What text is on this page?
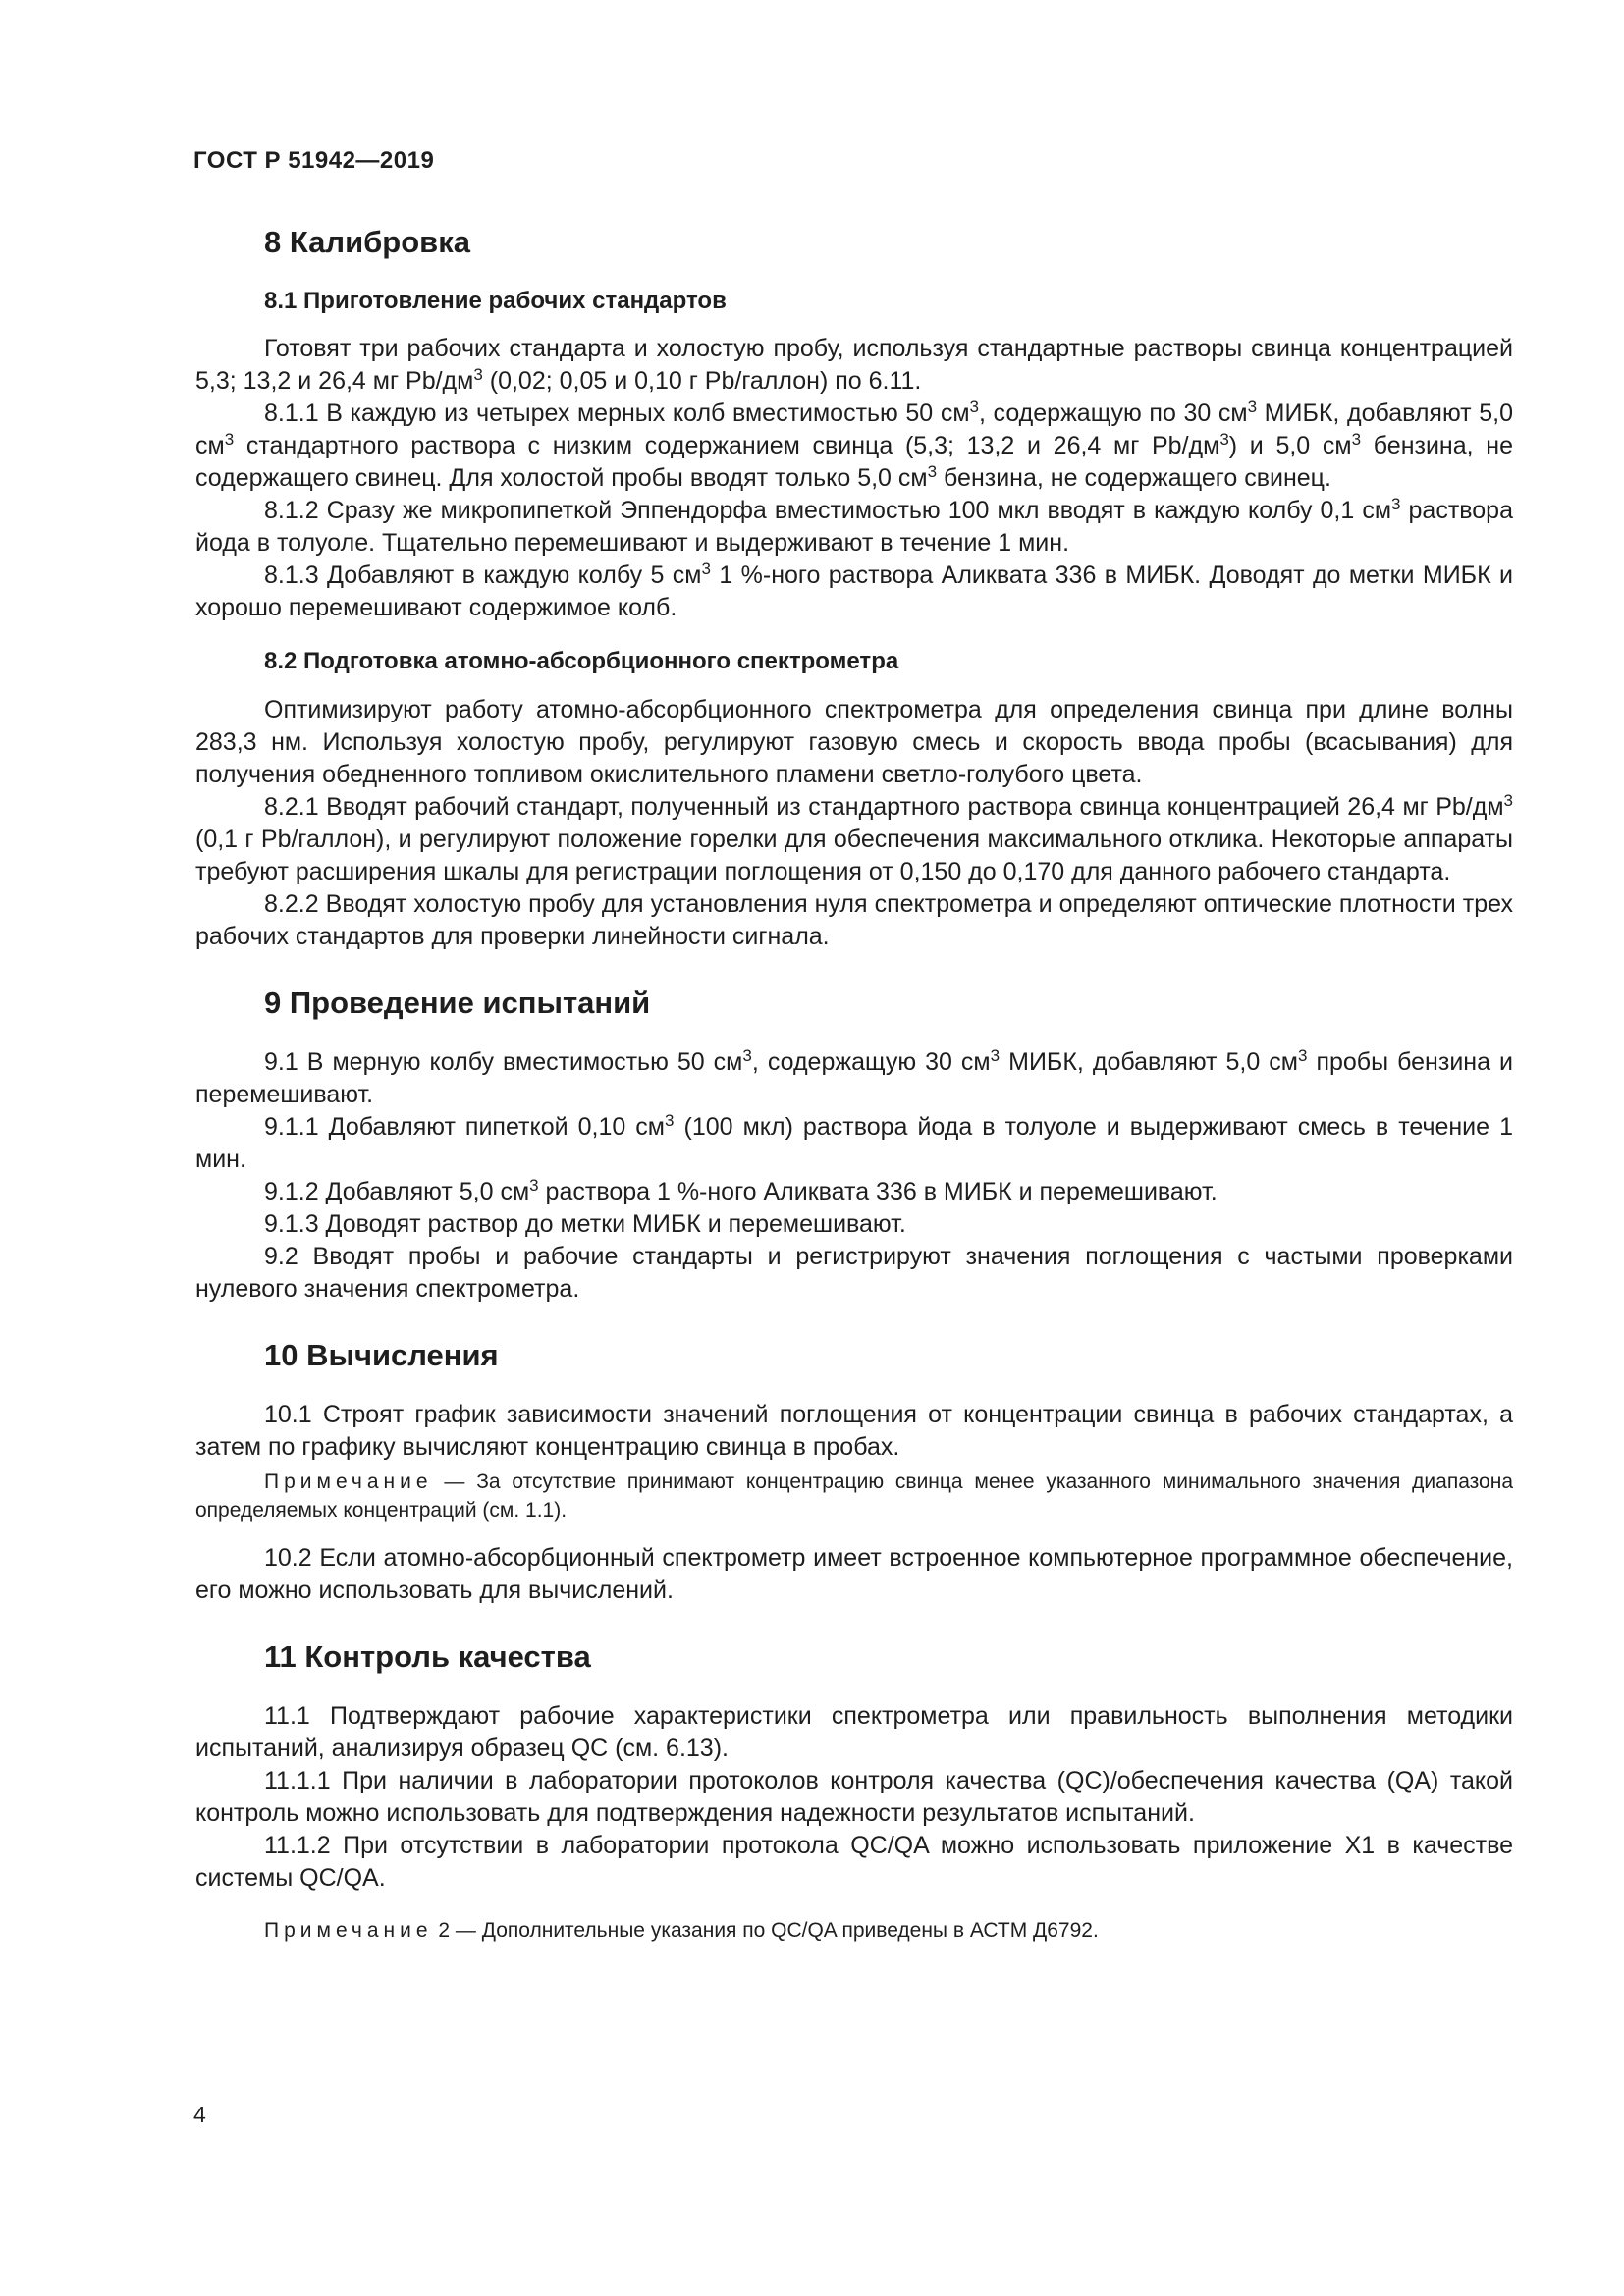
ГОСТ Р 51942—2019
8 Калибровка
8.1 Приготовление рабочих стандартов

Готовят три рабочих стандарта и холостую пробу, используя стандартные растворы свинца концентрацией 5,3; 13,2 и 26,4 мг $Pb/дм^3$ (0,02; 0,05 и 0,10 г Pb/галлон) по 6.11.

8.1.1 В каждую из четырех мерных колб вместимостью 50 $см^3$, содержащую по 30 $см^3$ МИБК, добавляют 5,0 $см^3$ стандартного раствора с низким содержанием свинца (5,3; 13,2 и 26,4 мг $Pb/дм^3$) и 5,0 $см^3$ бензина, не содержащего свинец. Для холостой пробы вводят только 5,0 $см^3$ бензина, не содержащего свинец.

8.1.2 Сразу же микропипеткой Эппендорфа вместимостью 100 мкл вводят в каждую колбу 0,1 $см^3$ раствора йода в толуоле. Тщательно перемешивают и выдерживают в течение 1 мин.

8.1.3 Добавляют в каждую колбу 5 $см^3$ 1 %-ного раствора Аликвата 336 в МИБК. Доводят до метки МИБК и хорошо перемешивают содержимое колб.

8.2 Подготовка атомно-абсорбционного спектрометра

Оптимизируют работу атомно-абсорбционного спектрометра для определения свинца при длине волны 283,3 нм. Используя холостую пробу, регулируют газовую смесь и скорость ввода пробы (всасывания) для получения обедненного топливом окислительного пламени светло-голубого цвета.

8.2.1 Вводят рабочий стандарт, полученный из стандартного раствора свинца концентрацией 26,4 мг $Pb/дм^3$ (0,1 г Pb/галлон), и регулируют положение горелки для обеспечения максимального отклика. Некоторые аппараты требуют расширения шкалы для регистрации поглощения от 0,150 до 0,170 для данного рабочего стандарта.

8.2.2 Вводят холостую пробу для установления нуля спектрометра и определяют оптические плотности трех рабочих стандартов для проверки линейности сигнала.

9 Проведение испытаний

9.1 В мерную колбу вместимостью 50 $см^3$, содержащую 30 $см^3$ МИБК, добавляют 5,0 $см^3$ пробы бензина и перемешивают.

9.1.1 Добавляют пипеткой 0,10 $см^3$ (100 мкл) раствора йода в толуоле и выдерживают смесь в течение 1 мин.

9.1.2 Добавляют 5,0 $см^3$ раствора 1 %-ного Аликвата 336 в МИБК и перемешивают.

9.1.3 Доводят раствор до метки МИБК и перемешивают.

9.2 Вводят пробы и рабочие стандарты и регистрируют значения поглощения с частыми проверками нулевого значения спектрометра.

10 Вычисления

10.1 Строят график зависимости значений поглощения от концентрации свинца в рабочих стандартах, а затем по графику вычисляют концентрацию свинца в пробах.

Примечание — За отсутствие принимают концентрацию свинца менее указанного минимального значения диапазона определяемых концентраций (см. 1.1).

10.2 Если атомно-абсорбционный спектрометр имеет встроенное компьютерное программное обеспечение, его можно использовать для вычислений.

11 Контроль качества

11.1 Подтверждают рабочие характеристики спектрометра или правильность выполнения методики испытаний, анализируя образец QC (см. 6.13).

11.1.1 При наличии в лаборатории протоколов контроля качества (QC)/обеспечения качества (QA) такой контроль можно использовать для подтверждения надежности результатов испытаний.

11.1.2 При отсутствии в лаборатории протокола QC/QA можно использовать приложение X1 в качестве системы QC/QA.

Примечание 2 — Дополнительные указания по QC/QA приведены в АСТМ Д6792.

4
